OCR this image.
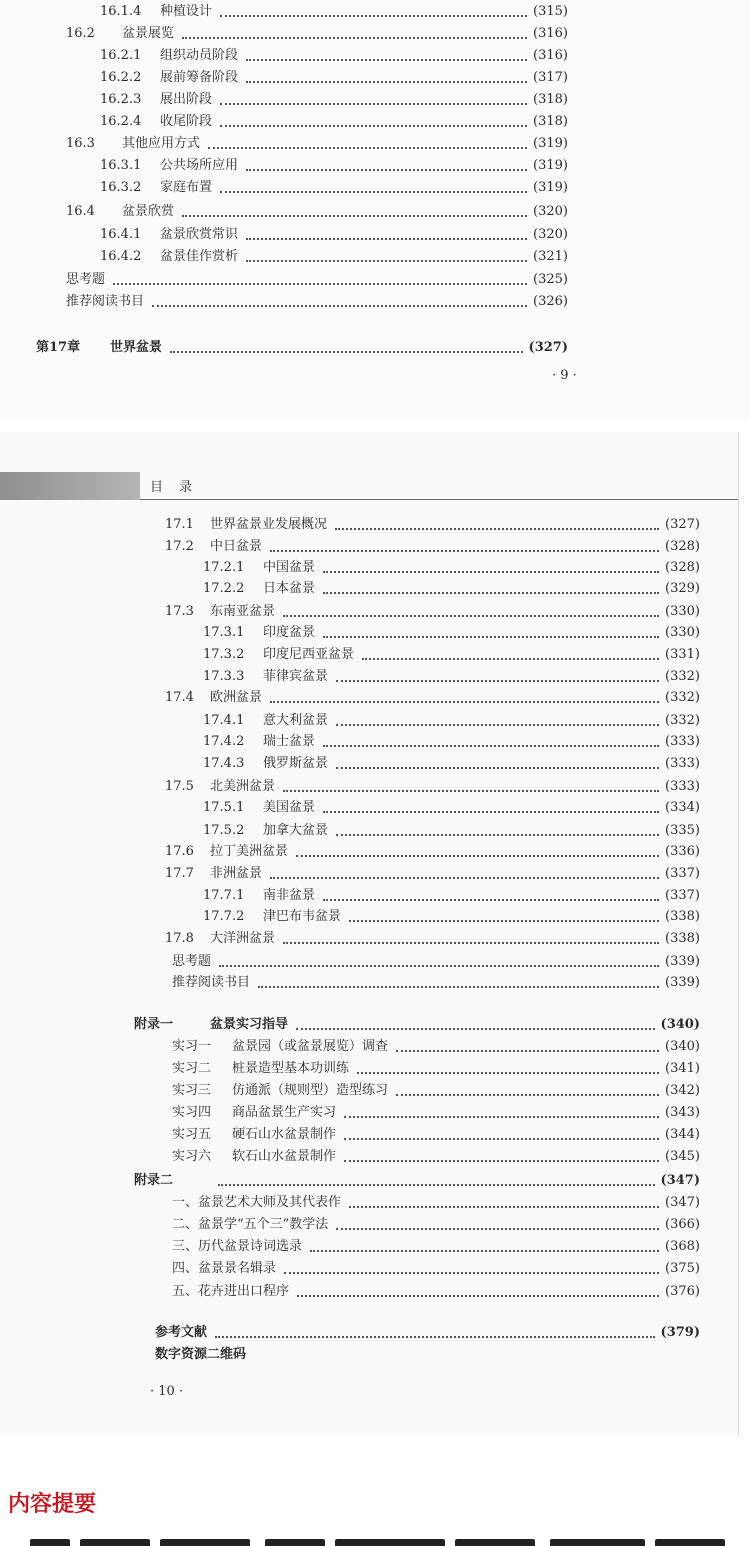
16.1.4 种植设计	(315)
16.2 盆景展览	(316)
16.2.1 组织动员阶段	(316)
16.2.2 展前筹备阶段	(317)
16.2.3 展出阶段	(318)
16.2.4 收尾阶段	(318)
16.3 其他应用方式	(319)
16.3.1 公共场所应用	(319)
16.3.2 家庭布置	(319)
16.4 盆景欣赏	(320)
16.4.1 盆景欣赏常识	(320)
16.4.2 盆景佳作赏析	(321)
思考题	(325)
推荐阅读书目	(326)
第17章 世界盆景	(327)
· 9 ·
目 录
17.1 世界盆景业发展概况	(327)
17.2 中日盆景	(328)
17.2.1 中国盆景	(328)
17.2.2 日本盆景	(329)
17.3 东南亚盆景	(330)
17.3.1 印度盆景	(330)
17.3.2 印度尼西亚盆景	(331)
17.3.3 菲律宾盆景	(332)
17.4 欧洲盆景	(332)
17.4.1 意大利盆景	(332)
17.4.2 瑞士盆景	(333)
17.4.3 俄罗斯盆景	(333)
17.5 北美洲盆景	(333)
17.5.1 美国盆景	(334)
17.5.2 加拿大盆景	(335)
17.6 拉丁美洲盆景	(336)
17.7 非洲盆景	(337)
17.7.1 南非盆景	(337)
17.7.2 津巴布韦盆景	(338)
17.8 大洋洲盆景	(338)
思考题	(339)
推荐阅读书目	(339)
附录一	盆景实习指导	(340)
实习一 盆景园（或盆景展览）调查	(340)
实习二 桩景造型基本功训练	(341)
实习三 仿通派（规则型）造型练习	(342)
实习四 商品盆景生产实习	(343)
实习五 硬石山水盆景制作	(344)
实习六 软石山水盆景制作	(345)
附录二	(347)
一、盆景艺术大师及其代表作	(347)
二、盆景学“五个三”教学法	(366)
三、历代盆景诗词选录	(368)
四、盆景景名辑录	(375)
五、花卉进出口程序	(376)
参考文献	(379)
数字资源二维码
· 10 ·
内容提要
